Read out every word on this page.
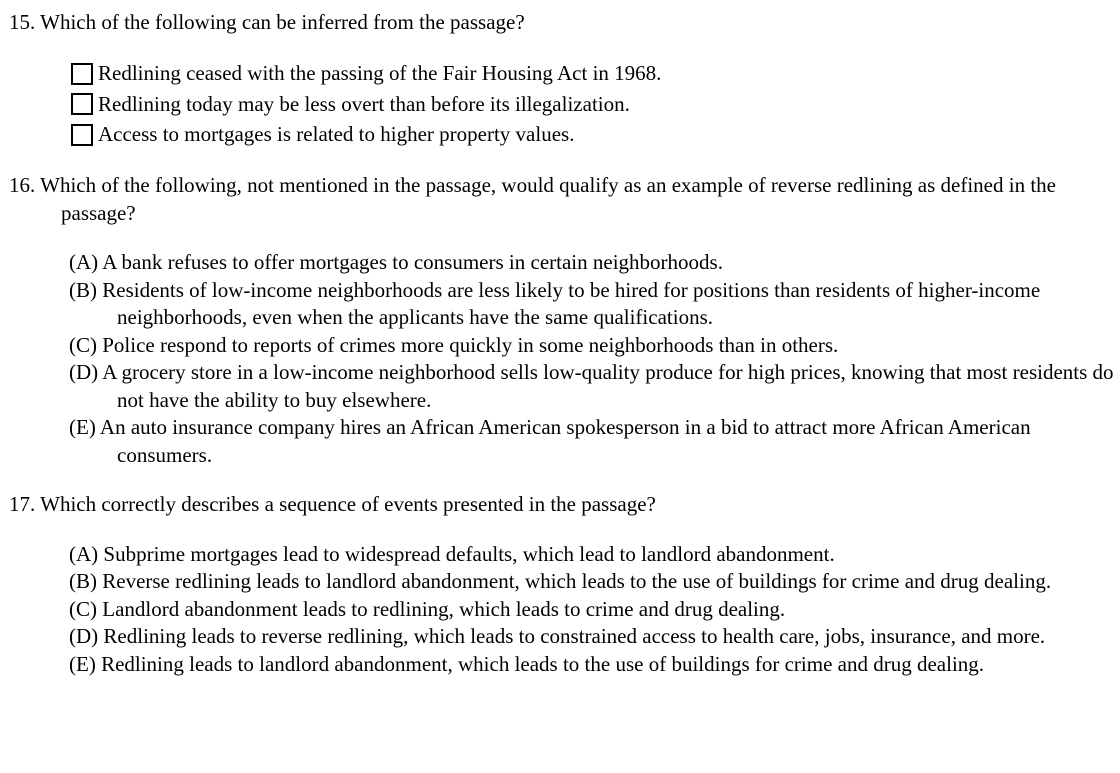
15. Which of the following can be inferred from the passage?

Redlining ceased with the passing of the Fair Housing Act in 1968.
Redlining today may be less overt than before its illegalization.
Access to mortgages is related to higher property values.

16. Which of the following, not mentioned in the passage, would qualify as an example of reverse redlining as defined in the passage?

(A) A bank refuses to offer mortgages to consumers in certain neighborhoods.
(B) Residents of low-income neighborhoods are less likely to be hired for positions than residents of higher-income neighborhoods, even when the applicants have the same qualifications.
(C) Police respond to reports of crimes more quickly in some neighborhoods than in others.
(D) A grocery store in a low-income neighborhood sells low-quality produce for high prices, knowing that most residents do not have the ability to buy elsewhere.
(E) An auto insurance company hires an African American spokesperson in a bid to attract more African American consumers.

17. Which correctly describes a sequence of events presented in the passage?

(A) Subprime mortgages lead to widespread defaults, which lead to landlord abandonment.
(B) Reverse redlining leads to landlord abandonment, which leads to the use of buildings for crime and drug dealing.
(C) Landlord abandonment leads to redlining, which leads to crime and drug dealing.
(D) Redlining leads to reverse redlining, which leads to constrained access to health care, jobs, insurance, and more.
(E) Redlining leads to landlord abandonment, which leads to the use of buildings for crime and drug dealing.
